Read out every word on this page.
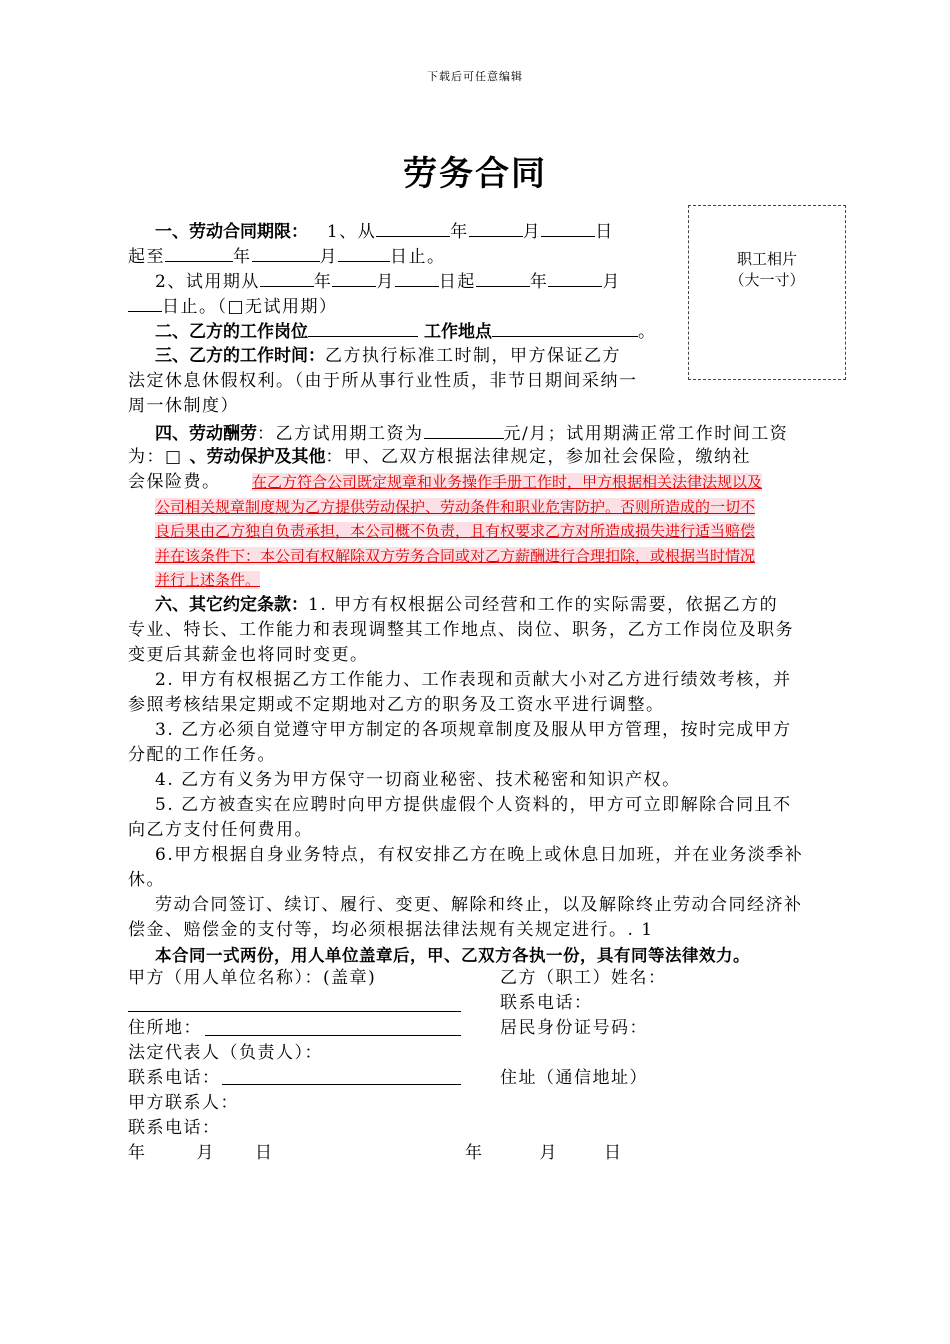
下载后可任意编辑
劳务合同
职工相片
（大一寸）
一、劳动合同期限： 1、从	年	月	日
起至	年	月	日止。
2、试用期从	年	月	日起	年	月
日止。（□无试用期）
二、乙方的工作岗位	工作地点	。
三、乙方的工作时间：乙方执行标准工时制，甲方保证乙方
法定休息休假权利。（由于所从事行业性质，非节日期间采纳一
周一休制度）
四、劳动酬劳：乙方试用期工资为	元/月；试用期满正常工作时间工资
为：□ 、劳动保护及其他：甲、乙双方根据法律规定，参加社会保险，缴纳社
会保险费。	在乙方符合公司既定规章和业务操作手册工作时，甲方根据相关法律法规以及
公司相关规章制度规为乙方提供劳动保护、劳动条件和职业危害防护。否则所造成的一切不
良后果由乙方独自负责承担，本公司概不负责，且有权要求乙方对所造成损失进行适当赔偿
并在该条件下：本公司有权解除双方劳务合同或对乙方薪酬进行合理扣除，或根据当时情况
并行上述条件。
六、其它约定条款：1. 甲方有权根据公司经营和工作的实际需要，依据乙方的
专业、特长、工作能力和表现调整其工作地点、岗位、职务，乙方工作岗位及职务
变更后其薪金也将同时变更。
2. 甲方有权根据乙方工作能力、工作表现和贡献大小对乙方进行绩效考核，并
参照考核结果定期或不定期地对乙方的职务及工资水平进行调整。
3. 乙方必须自觉遵守甲方制定的各项规章制度及服从甲方管理，按时完成甲方
分配的工作任务。
4. 乙方有义务为甲方保守一切商业秘密、技术秘密和知识产权。
5. 乙方被查实在应聘时向甲方提供虚假个人资料的，甲方可立即解除合同且不
向乙方支付任何费用。
6.甲方根据自身业务特点，有权安排乙方在晚上或休息日加班，并在业务淡季补
休。
劳动合同签订、续订、履行、变更、解除和终止，以及解除终止劳动合同经济补
偿金、赔偿金的支付等，均必须根据法律法规有关规定进行。. 1
本合同一式两份，用人单位盖章后，甲、乙双方各执一份，具有同等法律效力。
甲方（用人单位名称）：(盖章)	乙方（职工）姓名：
联系电话：
住所地：	居民身份证号码：
法定代表人（负责人）：
联系电话：	住址（通信地址）
甲方联系人：
联系电话：
年	月 日	年	月	日
